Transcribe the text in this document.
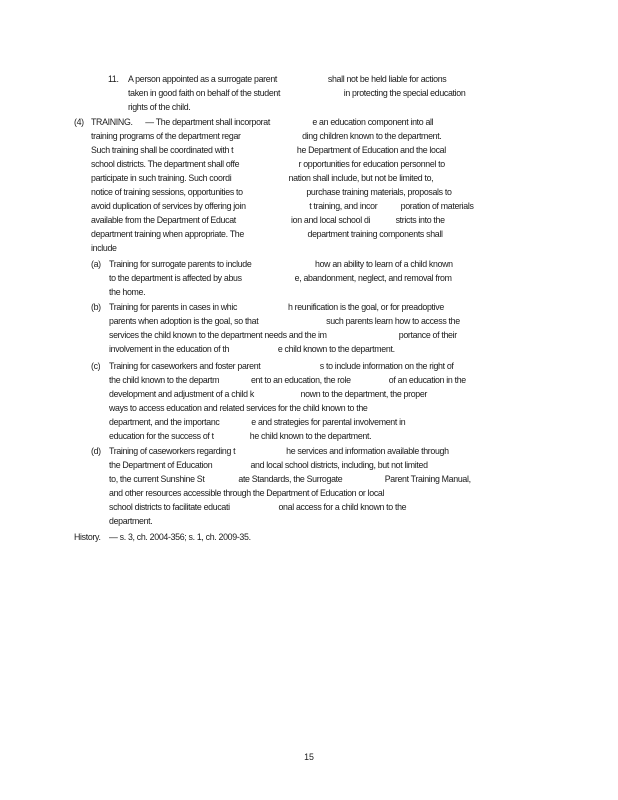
11. A person appointed as a surrogate parent                        shall not be held liable for actions
taken in good faith on behalf of the student                              in protecting the special education
rights of the child.
(4) TRAINING.      — The department shall incorporat                    e an education component into all
training programs of the department regar                             ding children known to the department.
Such training shall be coordinated with t                              he Department of Education and the local
school districts. The department shall offe                            r opportunities for education personnel to
participate in such training. Such coordi                           nation shall include, but not be limited to,
notice of training sessions, opportunities to                              purchase training materials, proposals to
avoid duplication of services by offering join                              t training, and incor           poration of materials
available from the Department of Educat                          ion and local school di            stricts into the
department training when appropriate. The                              department training components shall
include
(a) Training for surrogate parents to include                              how an ability to learn of a child known
to the department is affected by abus                         e, abandonment, neglect, and removal from
the home.
(b) Training for parents in cases in whic                        h reunification is the goal, or for preadoptive
parents when adoption is the goal, so that                                such parents learn how to access the
services the child known to the department needs and the im                                  portance of their
involvement in the education of th                       e child known to the department.
(c) Training for caseworkers and foster parent                            s to include information on the right of
the child known to the departm               ent to an education, the role                  of an education in the
development and adjustment of a child k                      nown to the department, the proper
ways to access education and related services for the child known to the
department, and the importanc               e and strategies for parental involvement in
education for the success of t                 he child known to the department.
(d) Training of caseworkers regarding t                        he services and information available through
the Department of Education                  and local school districts, including, but not limited
to, the current Sunshine St                ate Standards, the Surrogate                    Parent Training Manual,
and other resources accessible through the Department of Education or local
school districts to facilitate educati                       onal access for a child known to the
department.
History.    — s. 3, ch. 2004-356; s. 1, ch. 2009-35.
15
